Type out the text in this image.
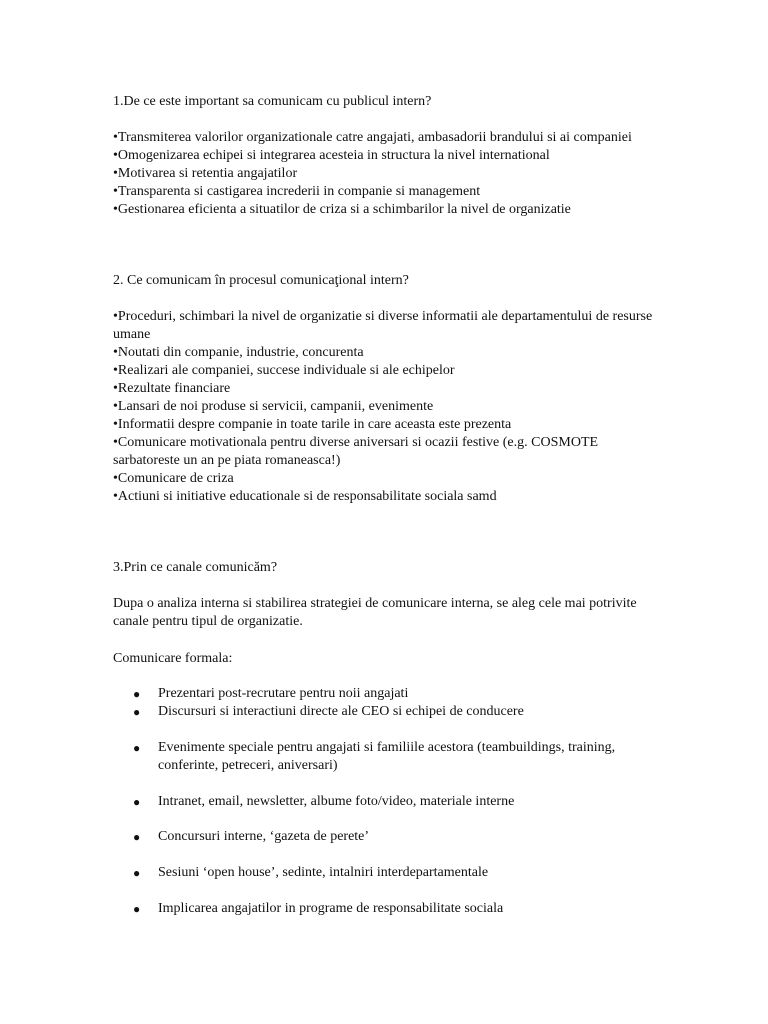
1.De ce este important sa comunicam cu publicul intern?

• Transmiterea valorilor organizationale catre angajati, ambasadorii brandului si ai companiei
• Omogenizarea echipei si integrarea acesteia in structura la nivel international
• Motivarea si retentia angajatilor
• Transparenta si castigarea increderii in companie si management
• Gestionarea eficienta a situatilor de criza si a schimbarilor la nivel de organizatie

2. Ce comunicam în procesul comunicaţional intern?

• Proceduri, schimbari la nivel de organizatie si diverse informatii ale departamentului de resurse umane
• Noutati din companie, industrie, concurenta
• Realizari ale companiei, succese individuale si ale echipelor
• Rezultate financiare
• Lansari de noi produse si servicii, campanii, evenimente
• Informatii despre companie in toate tarile in care aceasta este prezenta
• Comunicare motivationala pentru diverse aniversari si ocazii festive (e.g. COSMOTE sarbatoreste un an pe piata romaneasca!)
• Comunicare de criza
• Actiuni si initiative educationale si de responsabilitate sociala samd

3.Prin ce canale comunicăm?

Dupa o analiza interna si stabilirea strategiei de comunicare interna, se aleg cele mai potrivite canale pentru tipul de organizatie.

Comunicare formala:

● Prezentari post-recrutare pentru noii angajati
● Discursuri si interactiuni directe ale CEO si echipei de conducere
● Evenimente speciale pentru angajati si familiile acestora (teambuildings, training, conferinte, petreceri, aniversari)
● Intranet, email, newsletter, albume foto/video, materiale interne
● Concursuri interne, ‘gazeta de perete’
● Sesiuni ‘open house’, sedinte, intalniri interdepartamentale
● Implicarea angajatilor in programe de responsabilitate sociala
